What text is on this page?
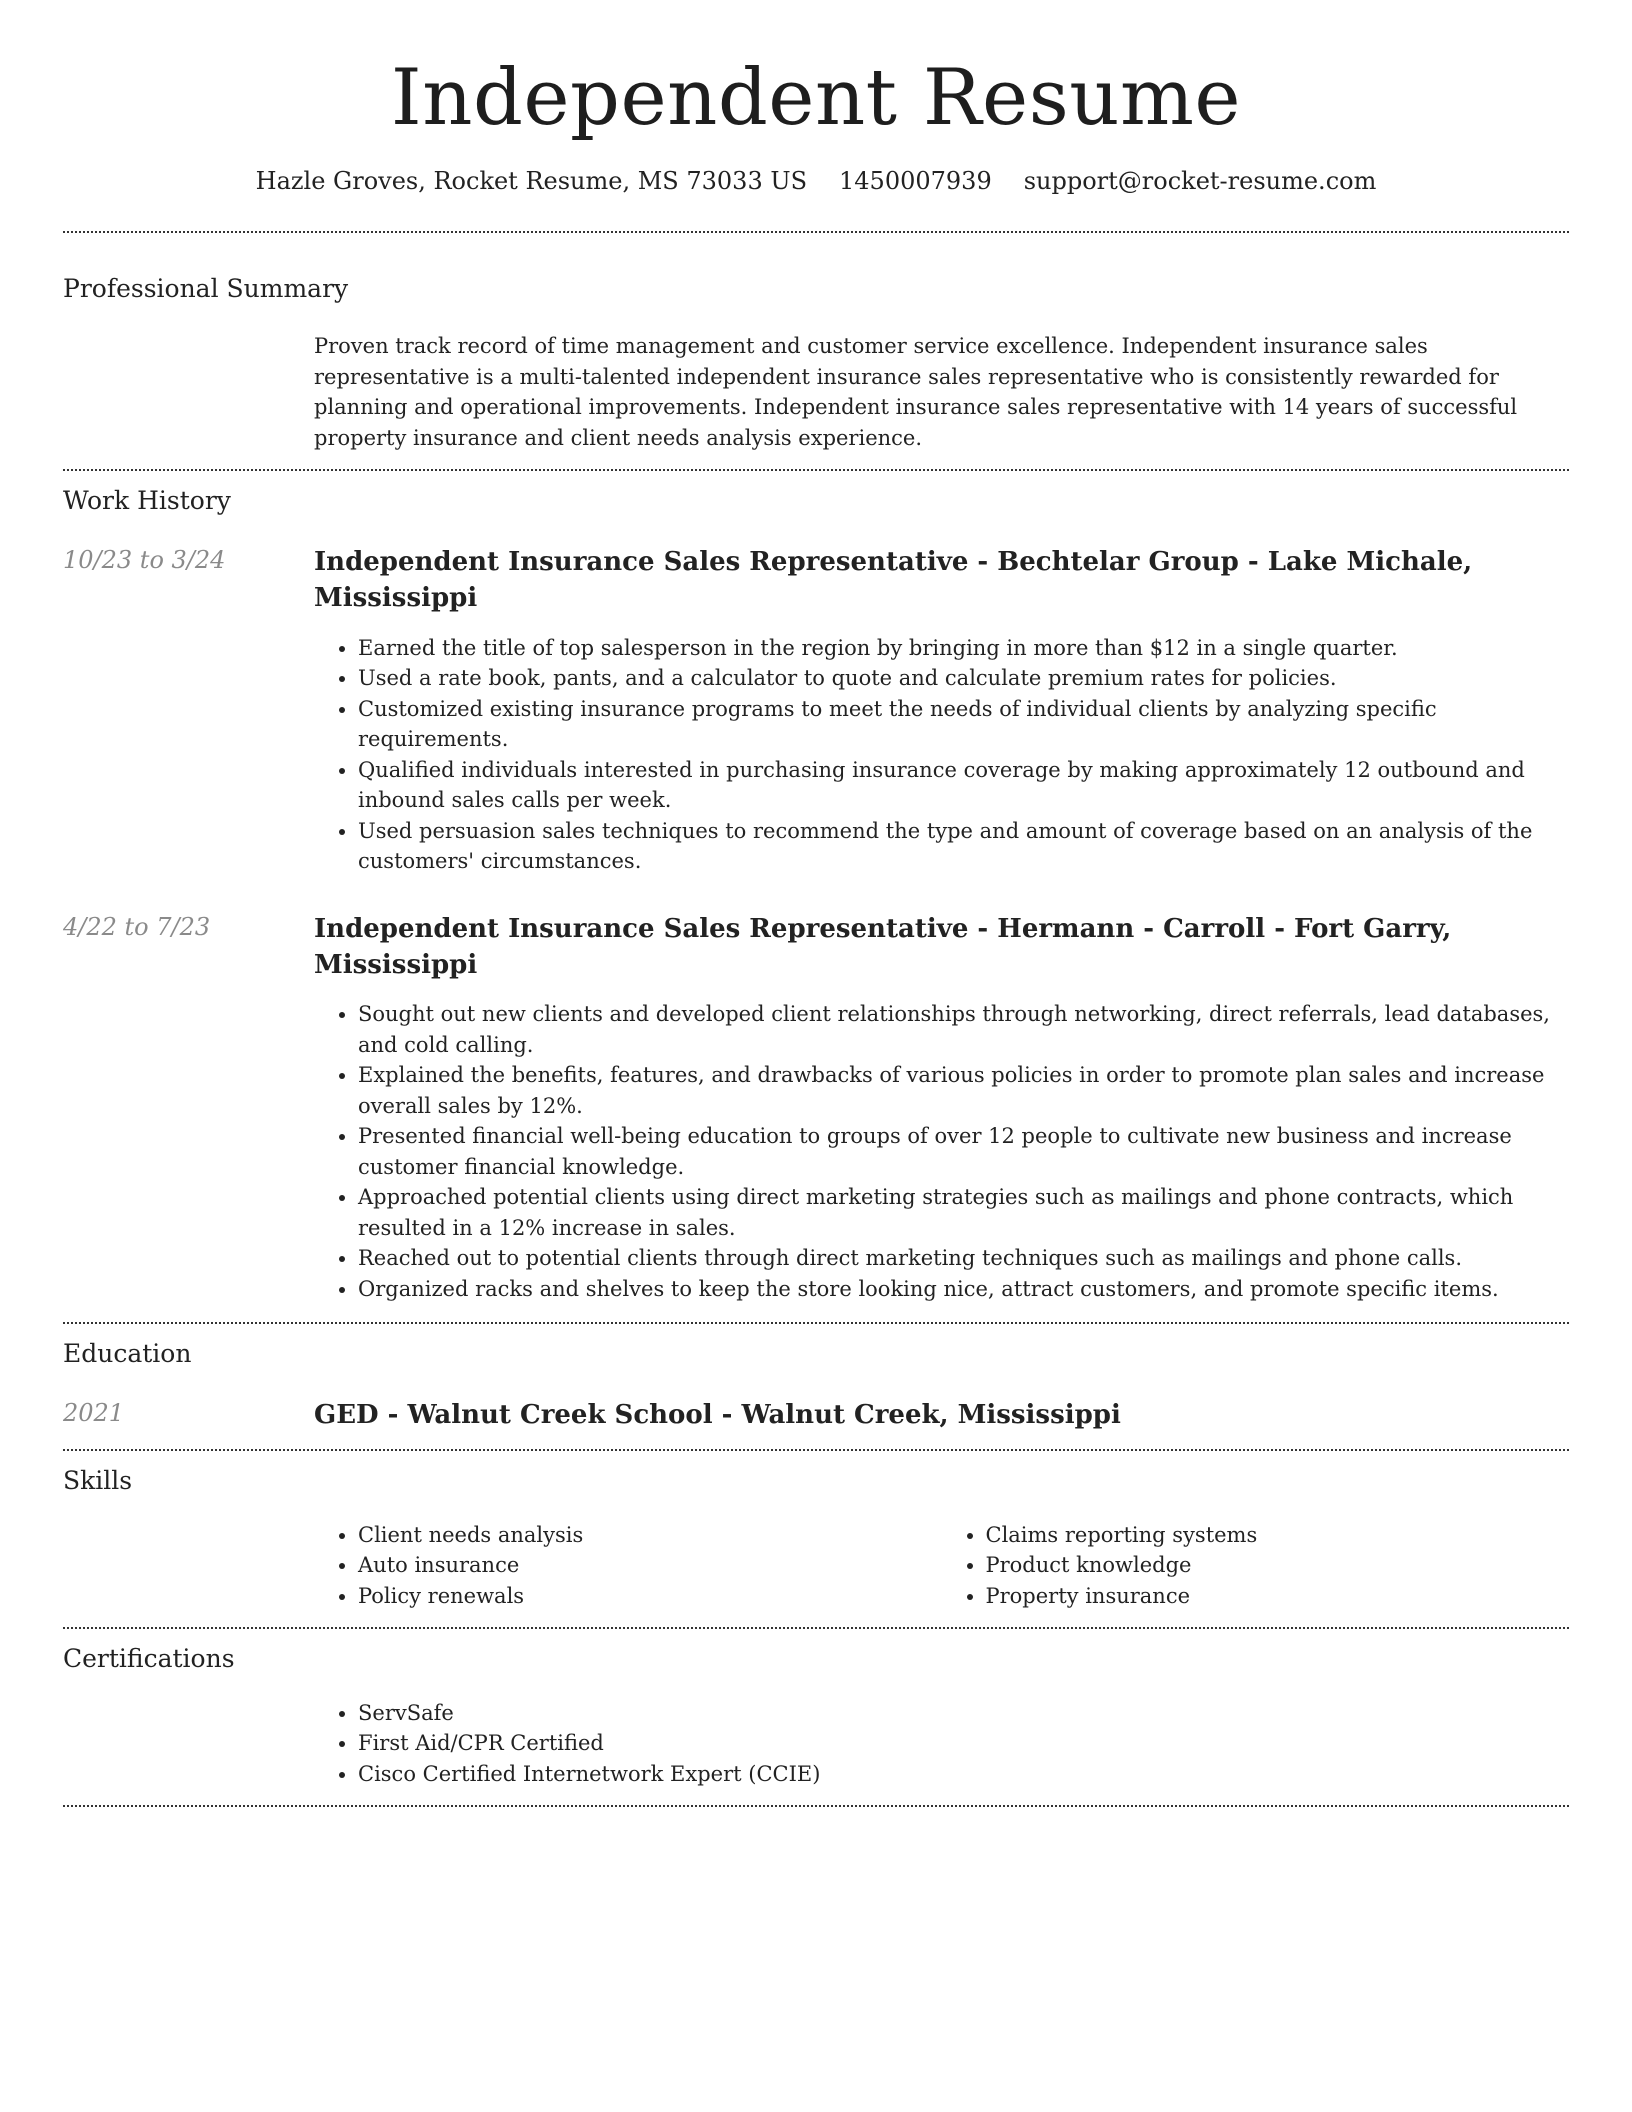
Independent Resume
Hazle Groves, Rocket Resume, MS 73033 US 1450007939 support@rocket-resume.com
Professional Summary

Proven track record of time management and customer service excellence. Independent insurance sales representative is a multi-talented independent insurance sales representative who is consistently rewarded for planning and operational improvements. Independent insurance sales representative with 14 years of successful property insurance and client needs analysis experience.

Work History
10/23 to 3/24	Independent Insurance Sales Representative - Bechtelar Group - Lake Michale, Mississippi
• Earned the title of top salesperson in the region by bringing in more than $12 in a single quarter.
• Used a rate book, pants, and a calculator to quote and calculate premium rates for policies.
• Customized existing insurance programs to meet the needs of individual clients by analyzing specific requirements.
• Qualified individuals interested in purchasing insurance coverage by making approximately 12 outbound and inbound sales calls per week.
• Used persuasion sales techniques to recommend the type and amount of coverage based on an analysis of the customers' circumstances.
4/22 to 7/23	Independent Insurance Sales Representative - Hermann - Carroll - Fort Garry, Mississippi
• Sought out new clients and developed client relationships through networking, direct referrals, lead databases, and cold calling.
• Explained the benefits, features, and drawbacks of various policies in order to promote plan sales and increase overall sales by 12%.
• Presented financial well-being education to groups of over 12 people to cultivate new business and increase customer financial knowledge.
• Approached potential clients using direct marketing strategies such as mailings and phone contracts, which resulted in a 12% increase in sales.
• Reached out to potential clients through direct marketing techniques such as mailings and phone calls.
• Organized racks and shelves to keep the store looking nice, attract customers, and promote specific items.
Education
2021	GED - Walnut Creek School - Walnut Creek, Mississippi
Skills
• Client needs analysis
• Auto insurance
• Policy renewals
• Claims reporting systems
• Product knowledge
• Property insurance
Certifications
• ServSafe
• First Aid/CPR Certified
• Cisco Certified Internetwork Expert (CCIE)
